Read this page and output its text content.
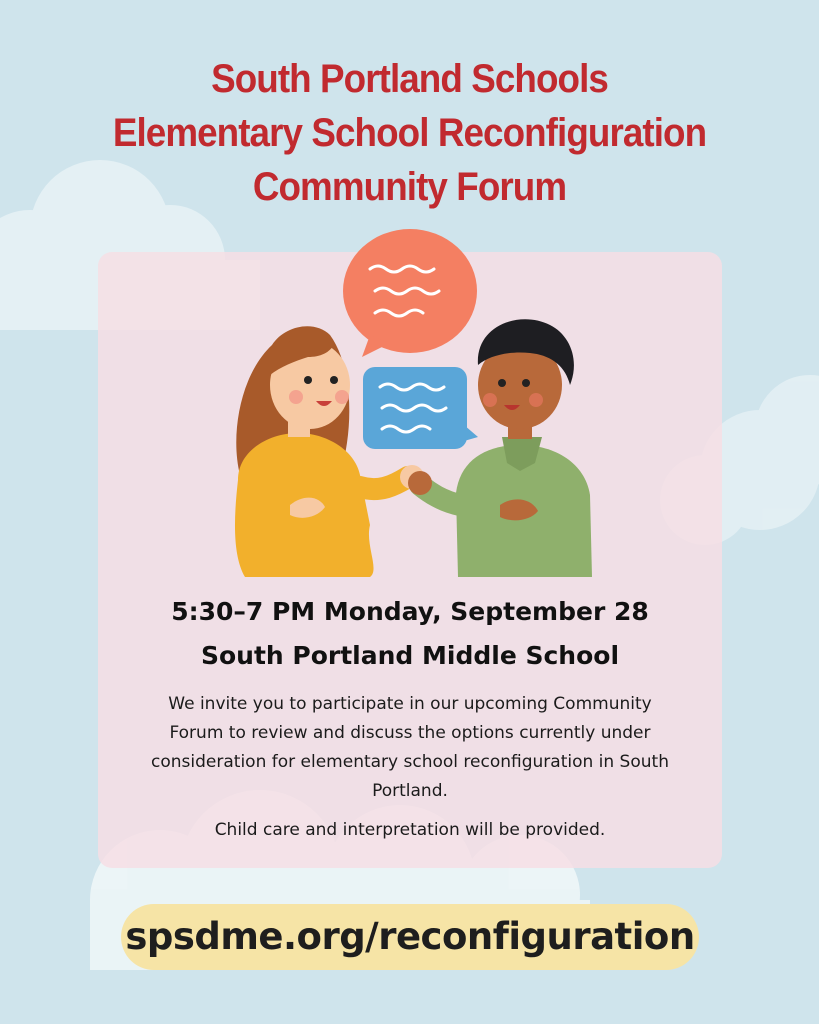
South Portland Schools
Elementary School Reconfiguration
Community Forum
5:30–7 PM Monday, September 28
South Portland Middle School
We invite you to participate in our upcoming Community Forum to review and discuss the options currently under consideration for elementary school reconfiguration in South Portland.
Child care and interpretation will be provided.
spsdme.org/reconfiguration
